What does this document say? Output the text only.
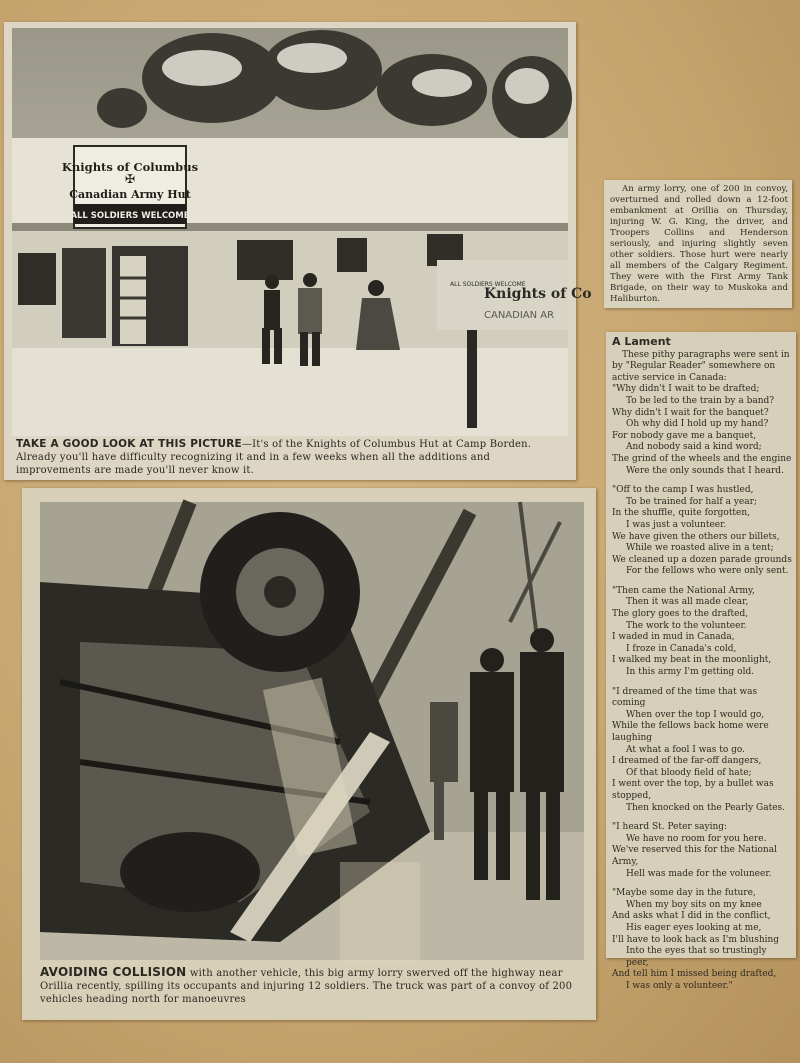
Knights of Columbus
✠
Canadian Army Hut
ALL SOLDIERS WELCOME
ALL SOLDIERS WELCOME
Knights of Co
CANADIAN AR
TAKE A GOOD LOOK AT THIS PICTURE—It's of the Knights of Columbus Hut at Camp Borden. Already you'll have difficulty recognizing it and in a few weeks when all the additions and improvements are made you'll never know it.
AVOIDING COLLISION with another vehicle, this big army lorry swerved off the highway near Orillia recently, spilling its occupants and injuring 12 soldiers. The truck was part of a convoy of 200 vehicles heading north for manoeuvres
An army lorry, one of 200 in convoy, overturned and rolled down a 12-foot embankment at Orillia on Thursday, injuring W. G. King, the driver, and Troopers Collins and Henderson seriously, and injuring slightly seven other soldiers. Those hurt were nearly all members of the Calgary Regiment. They were with the First Army Tank Brigade, on their way to Muskoka and Haliburton.
A Lament

These pithy paragraphs were sent in by "Regular Reader" somewhere on active service in Canada:

"Why didn't I wait to be drafted;

To be led to the train by a band?

Why didn't I wait for the banquet?

Oh why did I hold up my hand?

For nobody gave me a banquet,

And nobody said a kind word;

The grind of the wheels and the engine

Were the only sounds that I heard.

"Off to the camp I was hustled,

To be trained for half a year;

In the shuffle, quite forgotten,

I was just a volunteer.

We have given the others our billets,

While we roasted alive in a tent;

We cleaned up a dozen parade grounds

For the fellows who were only sent.

"Then came the National Army,

Then it was all made clear,

The glory goes to the drafted,

The work to the volunteer.

I waded in mud in Canada,

I froze in Canada's cold,

I walked my beat in the moonlight,

In this army I'm getting old.

"I dreamed of the time that was coming

When over the top I would go,

While the fellows back home were laughing

At what a fool I was to go.

I dreamed of the far-off dangers,

Of that bloody field of hate;

I went over the top, by a bullet was stopped,

Then knocked on the Pearly Gates.

"I heard St. Peter saying:

We have no room for you here.

We've reserved this for the National Army,

Hell was made for the voluneer.

"Maybe some day in the future,

When my boy sits on my knee

And asks what I did in the conflict,

His eager eyes looking at me,

I'll have to look back as I'm blushing

Into the eyes that so trustingly peer,

And tell him I missed being drafted,

I was only a volunteer."
